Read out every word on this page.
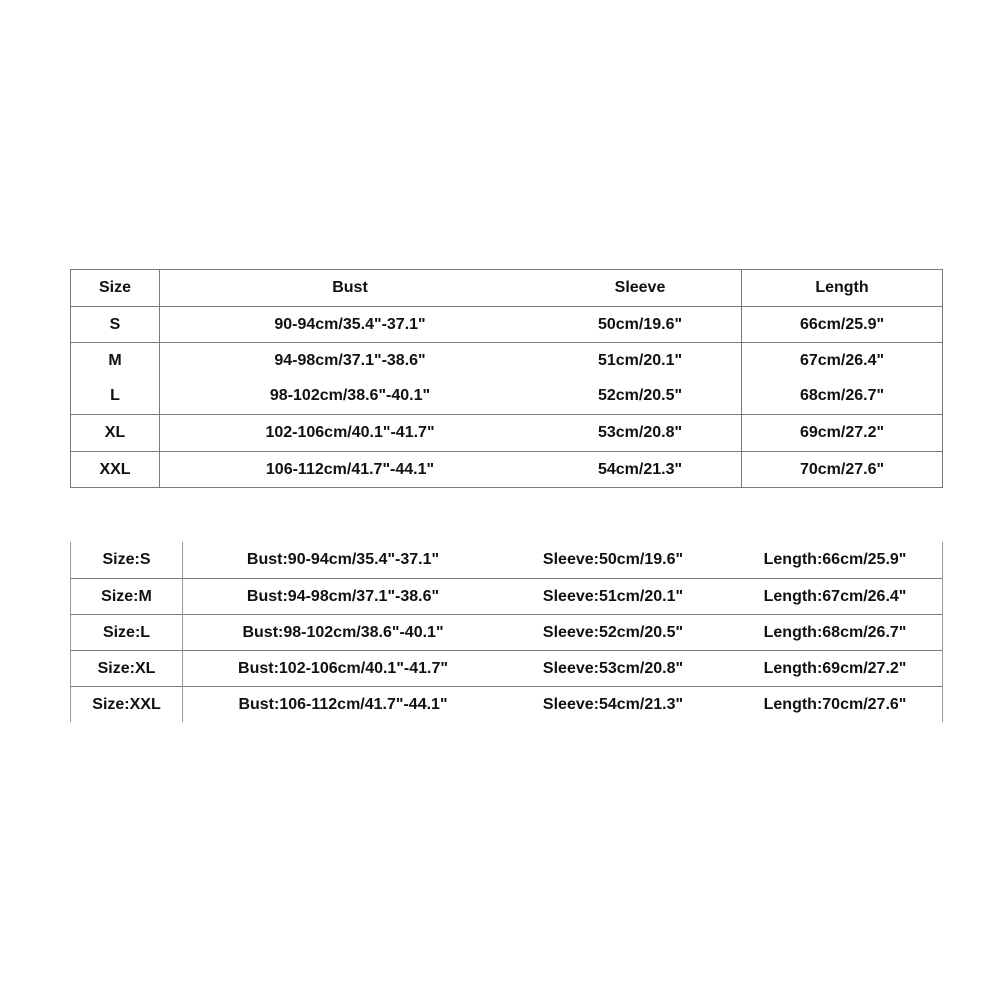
Size	Bust	Sleeve	Length
S	90-94cm/35.4"-37.1"	50cm/19.6"	66cm/25.9"
M	94-98cm/37.1"-38.6"	51cm/20.1"	67cm/26.4"
L	98-102cm/38.6"-40.1"	52cm/20.5"	68cm/26.7"
XL	102-106cm/40.1"-41.7"	53cm/20.8"	69cm/27.2"
XXL	106-112cm/41.7"-44.1"	54cm/21.3"	70cm/27.6"
Size:S	Bust:90-94cm/35.4"-37.1"	Sleeve:50cm/19.6"	Length:66cm/25.9"
Size:M	Bust:94-98cm/37.1"-38.6"	Sleeve:51cm/20.1"	Length:67cm/26.4"
Size:L	Bust:98-102cm/38.6"-40.1"	Sleeve:52cm/20.5"	Length:68cm/26.7"
Size:XL	Bust:102-106cm/40.1"-41.7"	Sleeve:53cm/20.8"	Length:69cm/27.2"
Size:XXL	Bust:106-112cm/41.7"-44.1"	Sleeve:54cm/21.3"	Length:70cm/27.6"
